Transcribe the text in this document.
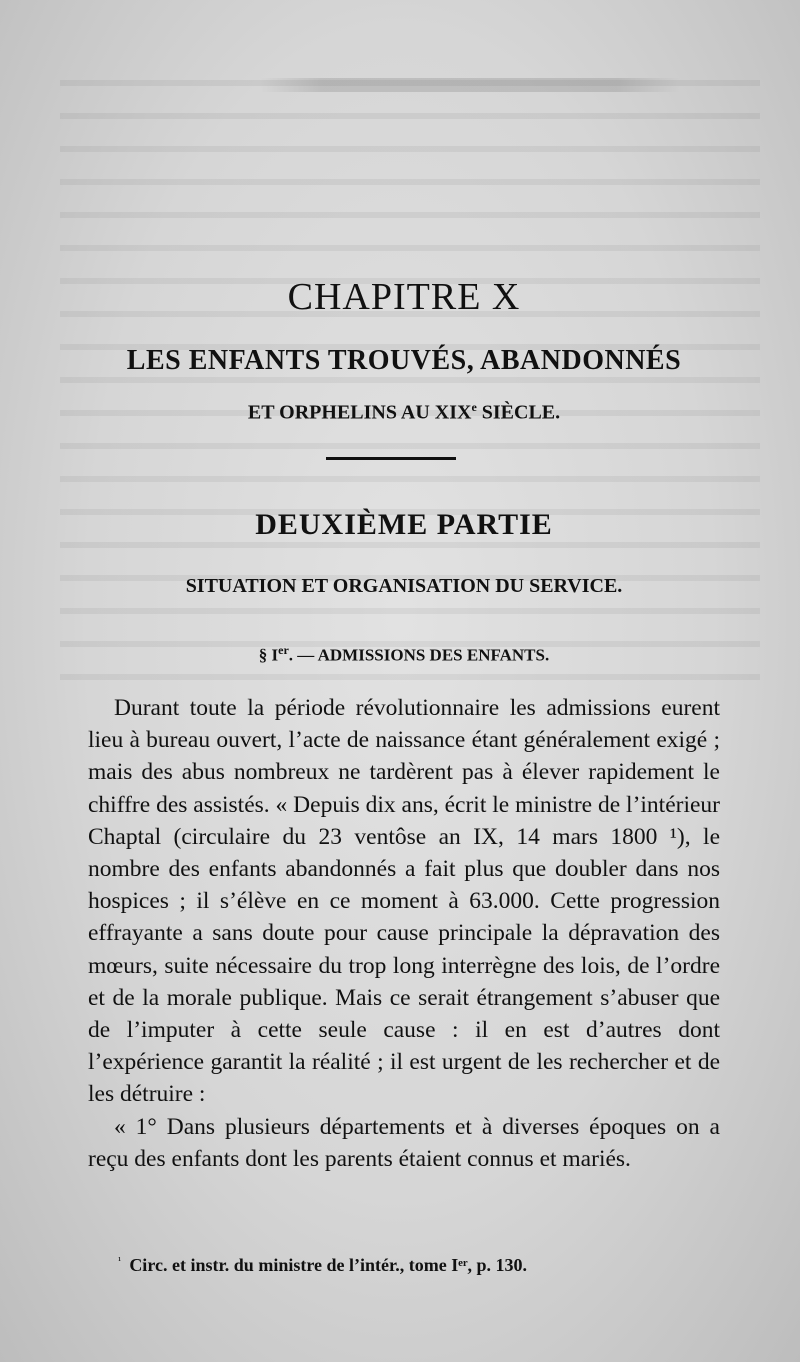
CHAPITRE X
LES ENFANTS TROUVÉS, ABANDONNÉS
ET ORPHELINS AU XIXe SIÈCLE.
DEUXIÈME PARTIE
SITUATION ET ORGANISATION DU SERVICE.
§ Ier. — ADMISSIONS DES ENFANTS.

Durant toute la période révolutionnaire les admissions eurent lieu à bureau ouvert, l’acte de naissance étant généralement exigé ; mais des abus nombreux ne tardèrent pas à élever rapidement le chiffre des assistés. « Depuis dix ans, écrit le ministre de l’intérieur Chaptal (circulaire du 23 ventôse an IX, 14 mars 1800 ¹), le nombre des enfants abandonnés a fait plus que doubler dans nos hospices ; il s’élève en ce moment à 63.000. Cette progression effrayante a sans doute pour cause principale la dépravation des mœurs, suite nécessaire du trop long interrègne des lois, de l’ordre et de la morale publique. Mais ce serait étrangement s’abuser que de l’imputer à cette seule cause : il en est d’autres dont l’expérience garantit la réalité ; il est urgent de les rechercher et de les détruire :

« 1° Dans plusieurs départements et à diverses époques on a reçu des enfants dont les parents étaient connus et mariés.

$^{^1}$ Circ. et instr. du ministre de l’intér., tome Iᵉʳ, p. 130.
